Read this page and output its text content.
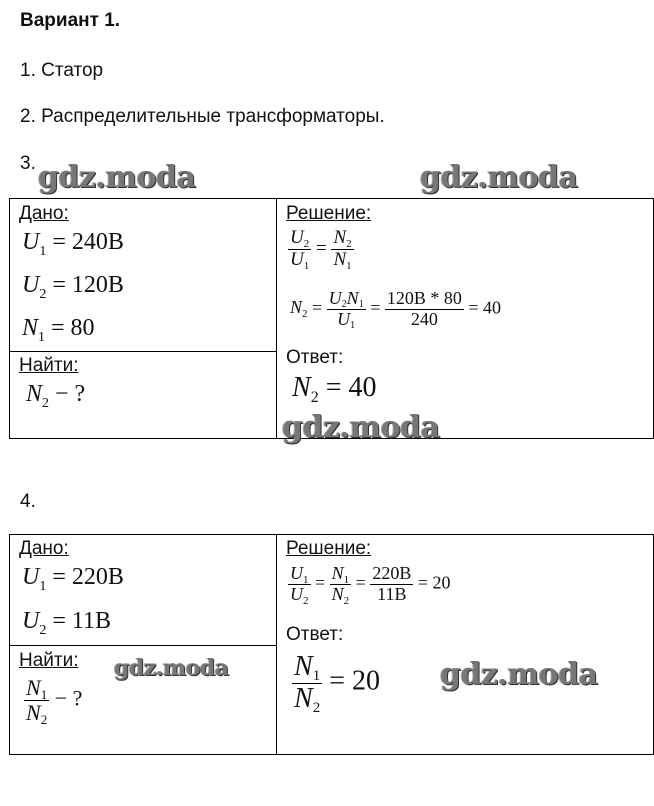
Вариант 1.
1. Статор
2. Распределительные трансформаторы.
3.
Дано:
$U_1 = 240B$
$U_2 = 120B$
$N_1 = 80$
Найти:
$N_2$ − ?
Решение:
$\frac{U_2}{U_1} = \frac{N_2}{N_1}$
$N_2 = \frac{U2N1}{U1} = \frac{120B * 80}{240} = 40$
Ответ:
$N_2 = 40$
4.
Дано:
$U_1 = 220B$
$U_2 = 11B$
Найти:
$\frac{N1}{N2}$ − ?
Решение:
$\frac{U_1}{U_2} = \frac{N_1}{N_2} = \frac{220B}{11B} = 20$
Ответ:
$\frac{N1}{N2} = 20$
gdz.moda	gdz.moda
gdz.moda
gdz.moda	gdz.moda
